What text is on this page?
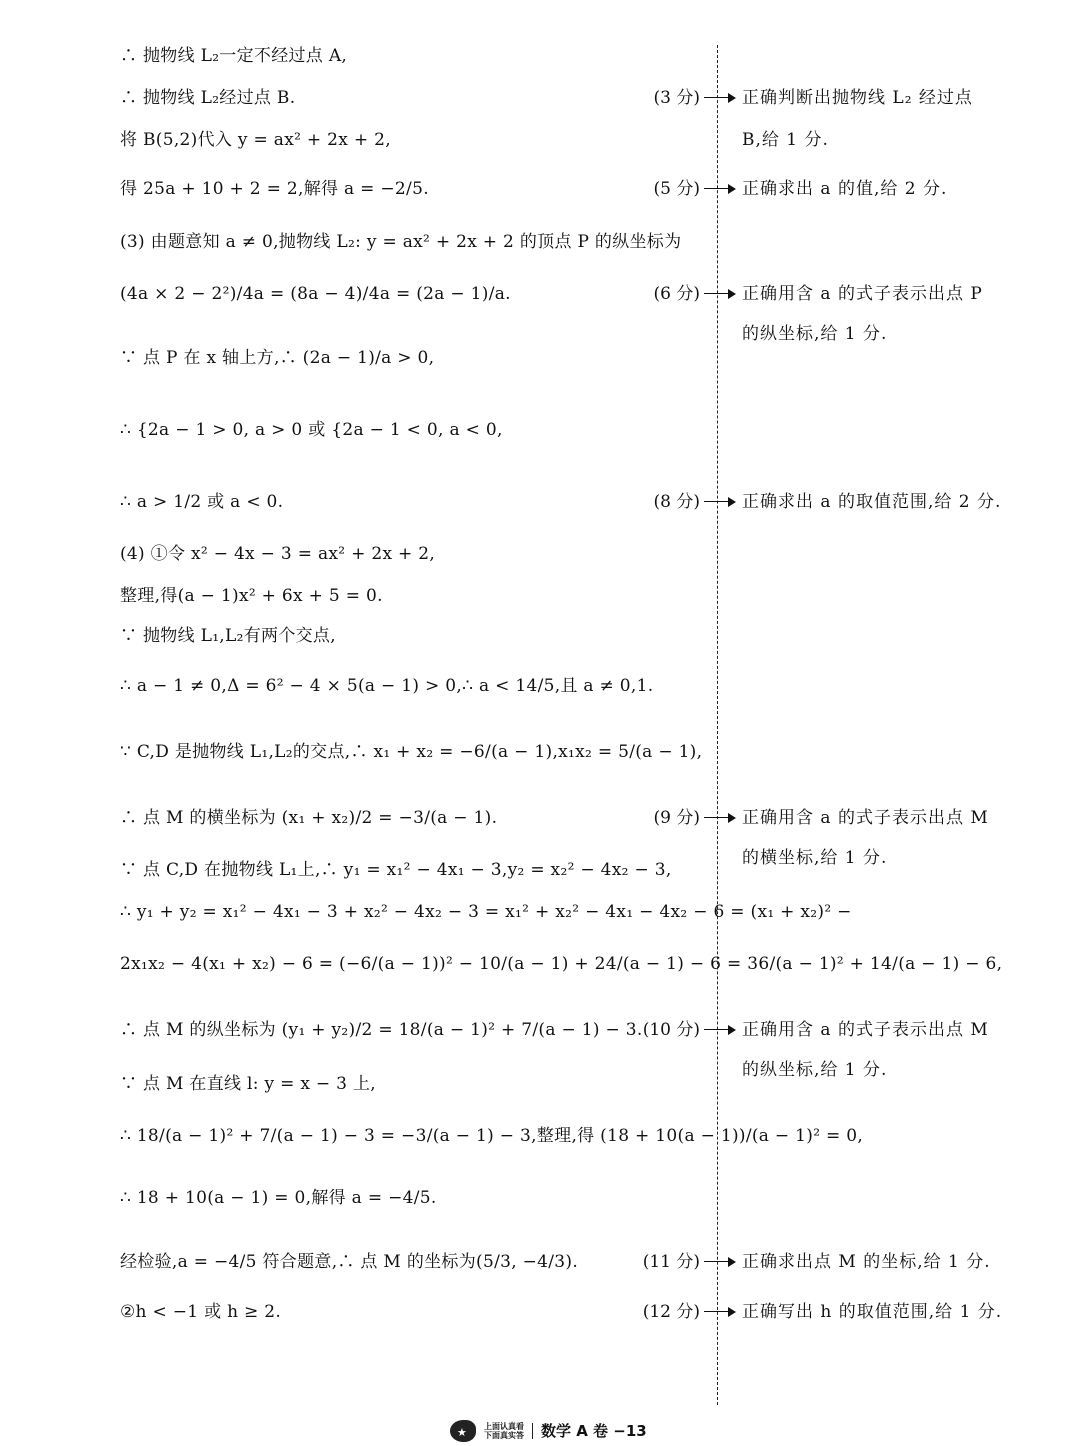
∴ 抛物线 L₂一定不经过点 A,
∴ 抛物线 L₂经过点 B.
将 B(5,2)代入 y = ax² + 2x + 2,
得 25a + 10 + 2 = 2,解得 a = −2/5.
(3) 由题意知 a ≠ 0,抛物线 L₂: y = ax² + 2x + 2 的顶点 P 的纵坐标为
(4a × 2 − 2²)/4a = (8a − 4)/4a = (2a − 1)/a.
∵ 点 P 在 x 轴上方,∴ (2a − 1)/a > 0,
∴ {2a − 1 > 0, a > 0 或 {2a − 1 < 0, a < 0,
∴ a > 1/2 或 a < 0.
(4) ①令 x² − 4x − 3 = ax² + 2x + 2,
整理,得(a − 1)x² + 6x + 5 = 0.
∵ 抛物线 L₁,L₂有两个交点,
∴ a − 1 ≠ 0,Δ = 6² − 4 × 5(a − 1) > 0,∴ a < 14/5,且 a ≠ 0,1.
∵ C,D 是抛物线 L₁,L₂的交点,∴ x₁ + x₂ = −6/(a − 1),x₁x₂ = 5/(a − 1),
∴ 点 M 的横坐标为 (x₁ + x₂)/2 = −3/(a − 1).
∵ 点 C,D 在抛物线 L₁上,∴ y₁ = x₁² − 4x₁ − 3,y₂ = x₂² − 4x₂ − 3,
∴ y₁ + y₂ = x₁² − 4x₁ − 3 + x₂² − 4x₂ − 3 = x₁² + x₂² − 4x₁ − 4x₂ − 6 = (x₁ + x₂)² −
2x₁x₂ − 4(x₁ + x₂) − 6 = (−6/(a − 1))² − 10/(a − 1) + 24/(a − 1) − 6 = 36/(a − 1)² + 14/(a − 1) − 6,
∴ 点 M 的纵坐标为 (y₁ + y₂)/2 = 18/(a − 1)² + 7/(a − 1) − 3.
∵ 点 M 在直线 l: y = x − 3 上,
∴ 18/(a − 1)² + 7/(a − 1) − 3 = −3/(a − 1) − 3,整理,得 (18 + 10(a − 1))/(a − 1)² = 0,
∴ 18 + 10(a − 1) = 0,解得 a = −4/5.
经检验,a = −4/5 符合题意,∴ 点 M 的坐标为(5/3, −4/3).
②h < −1 或 h ≥ 2.
(3 分)
(5 分)
(6 分)
(8 分)
(9 分)
(10 分)
(11 分)
(12 分)
正确判断出抛物线 L₂ 经过点
B,给 1 分.
正确求出 a 的值,给 2 分.
正确用含 a 的式子表示出点 P
的纵坐标,给 1 分.
正确求出 a 的取值范围,给 2 分.
正确用含 a 的式子表示出点 M
的横坐标,给 1 分.
正确用含 a 的式子表示出点 M
的纵坐标,给 1 分.
正确求出点 M 的坐标,给 1 分.
正确写出 h 的取值范围,给 1 分.
★
上面认真看
下面真实答 数学 A 卷 −13
